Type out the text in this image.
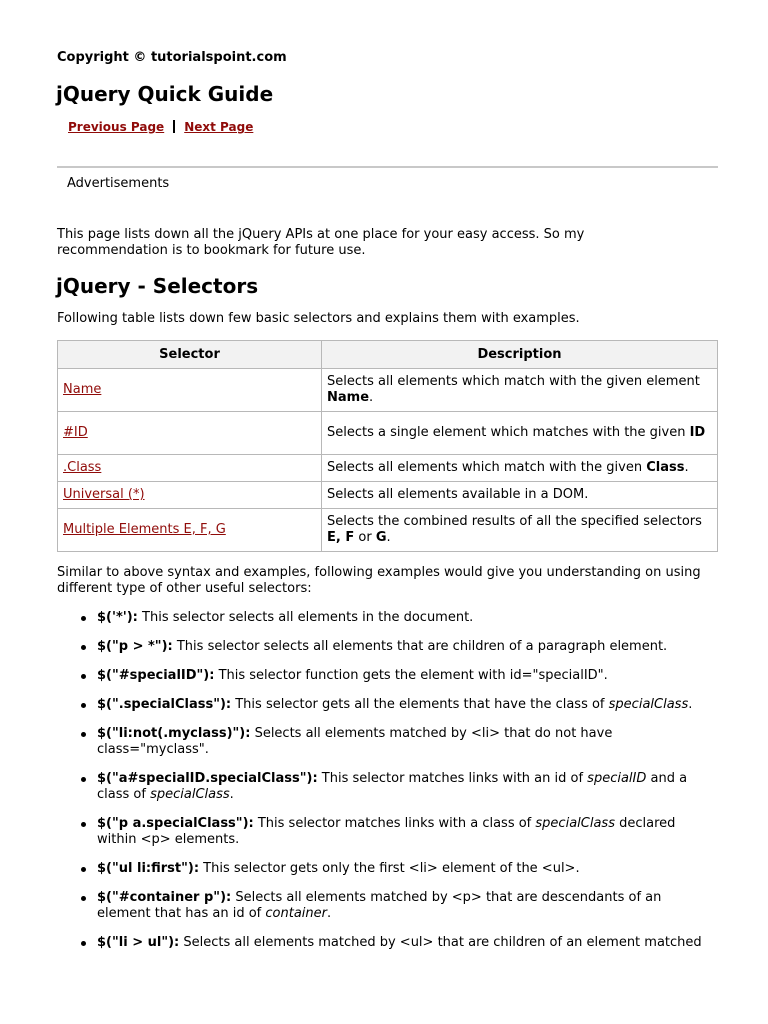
Copyright © tutorialspoint.com
jQuery Quick Guide
Previous Page Next Page
Advertisements

This page lists down all the jQuery APIs at one place for your easy access. So my recommendation is to bookmark for future use.

jQuery - Selectors

Following table lists down few basic selectors and explains them with examples.

Selector	Description
Name	Selects all elements which match with the given element Name.
#ID	Selects a single element which matches with the given ID
.Class	Selects all elements which match with the given Class.
Universal (*)	Selects all elements available in a DOM.
Multiple Elements E, F, G	Selects the combined results of all the specified selectors E, F or G.

Similar to above syntax and examples, following examples would give you understanding on using different type of other useful selectors:

$('*'): This selector selects all elements in the document.
$("p > *"): This selector selects all elements that are children of a paragraph element.
$("#specialID"): This selector function gets the element with id="specialID".
$(".specialClass"): This selector gets all the elements that have the class of specialClass.
$("li:not(.myclass)"): Selects all elements matched by <li> that do not have class="myclass".
$("a#specialID.specialClass"): This selector matches links with an id of specialID and a class of specialClass.
$("p a.specialClass"): This selector matches links with a class of specialClass declared within <p> elements.
$("ul li:first"): This selector gets only the first <li> element of the <ul>.
$("#container p"): Selects all elements matched by <p> that are descendants of an element that has an id of container.
$("li > ul"): Selects all elements matched by <ul> that are children of an element matched
